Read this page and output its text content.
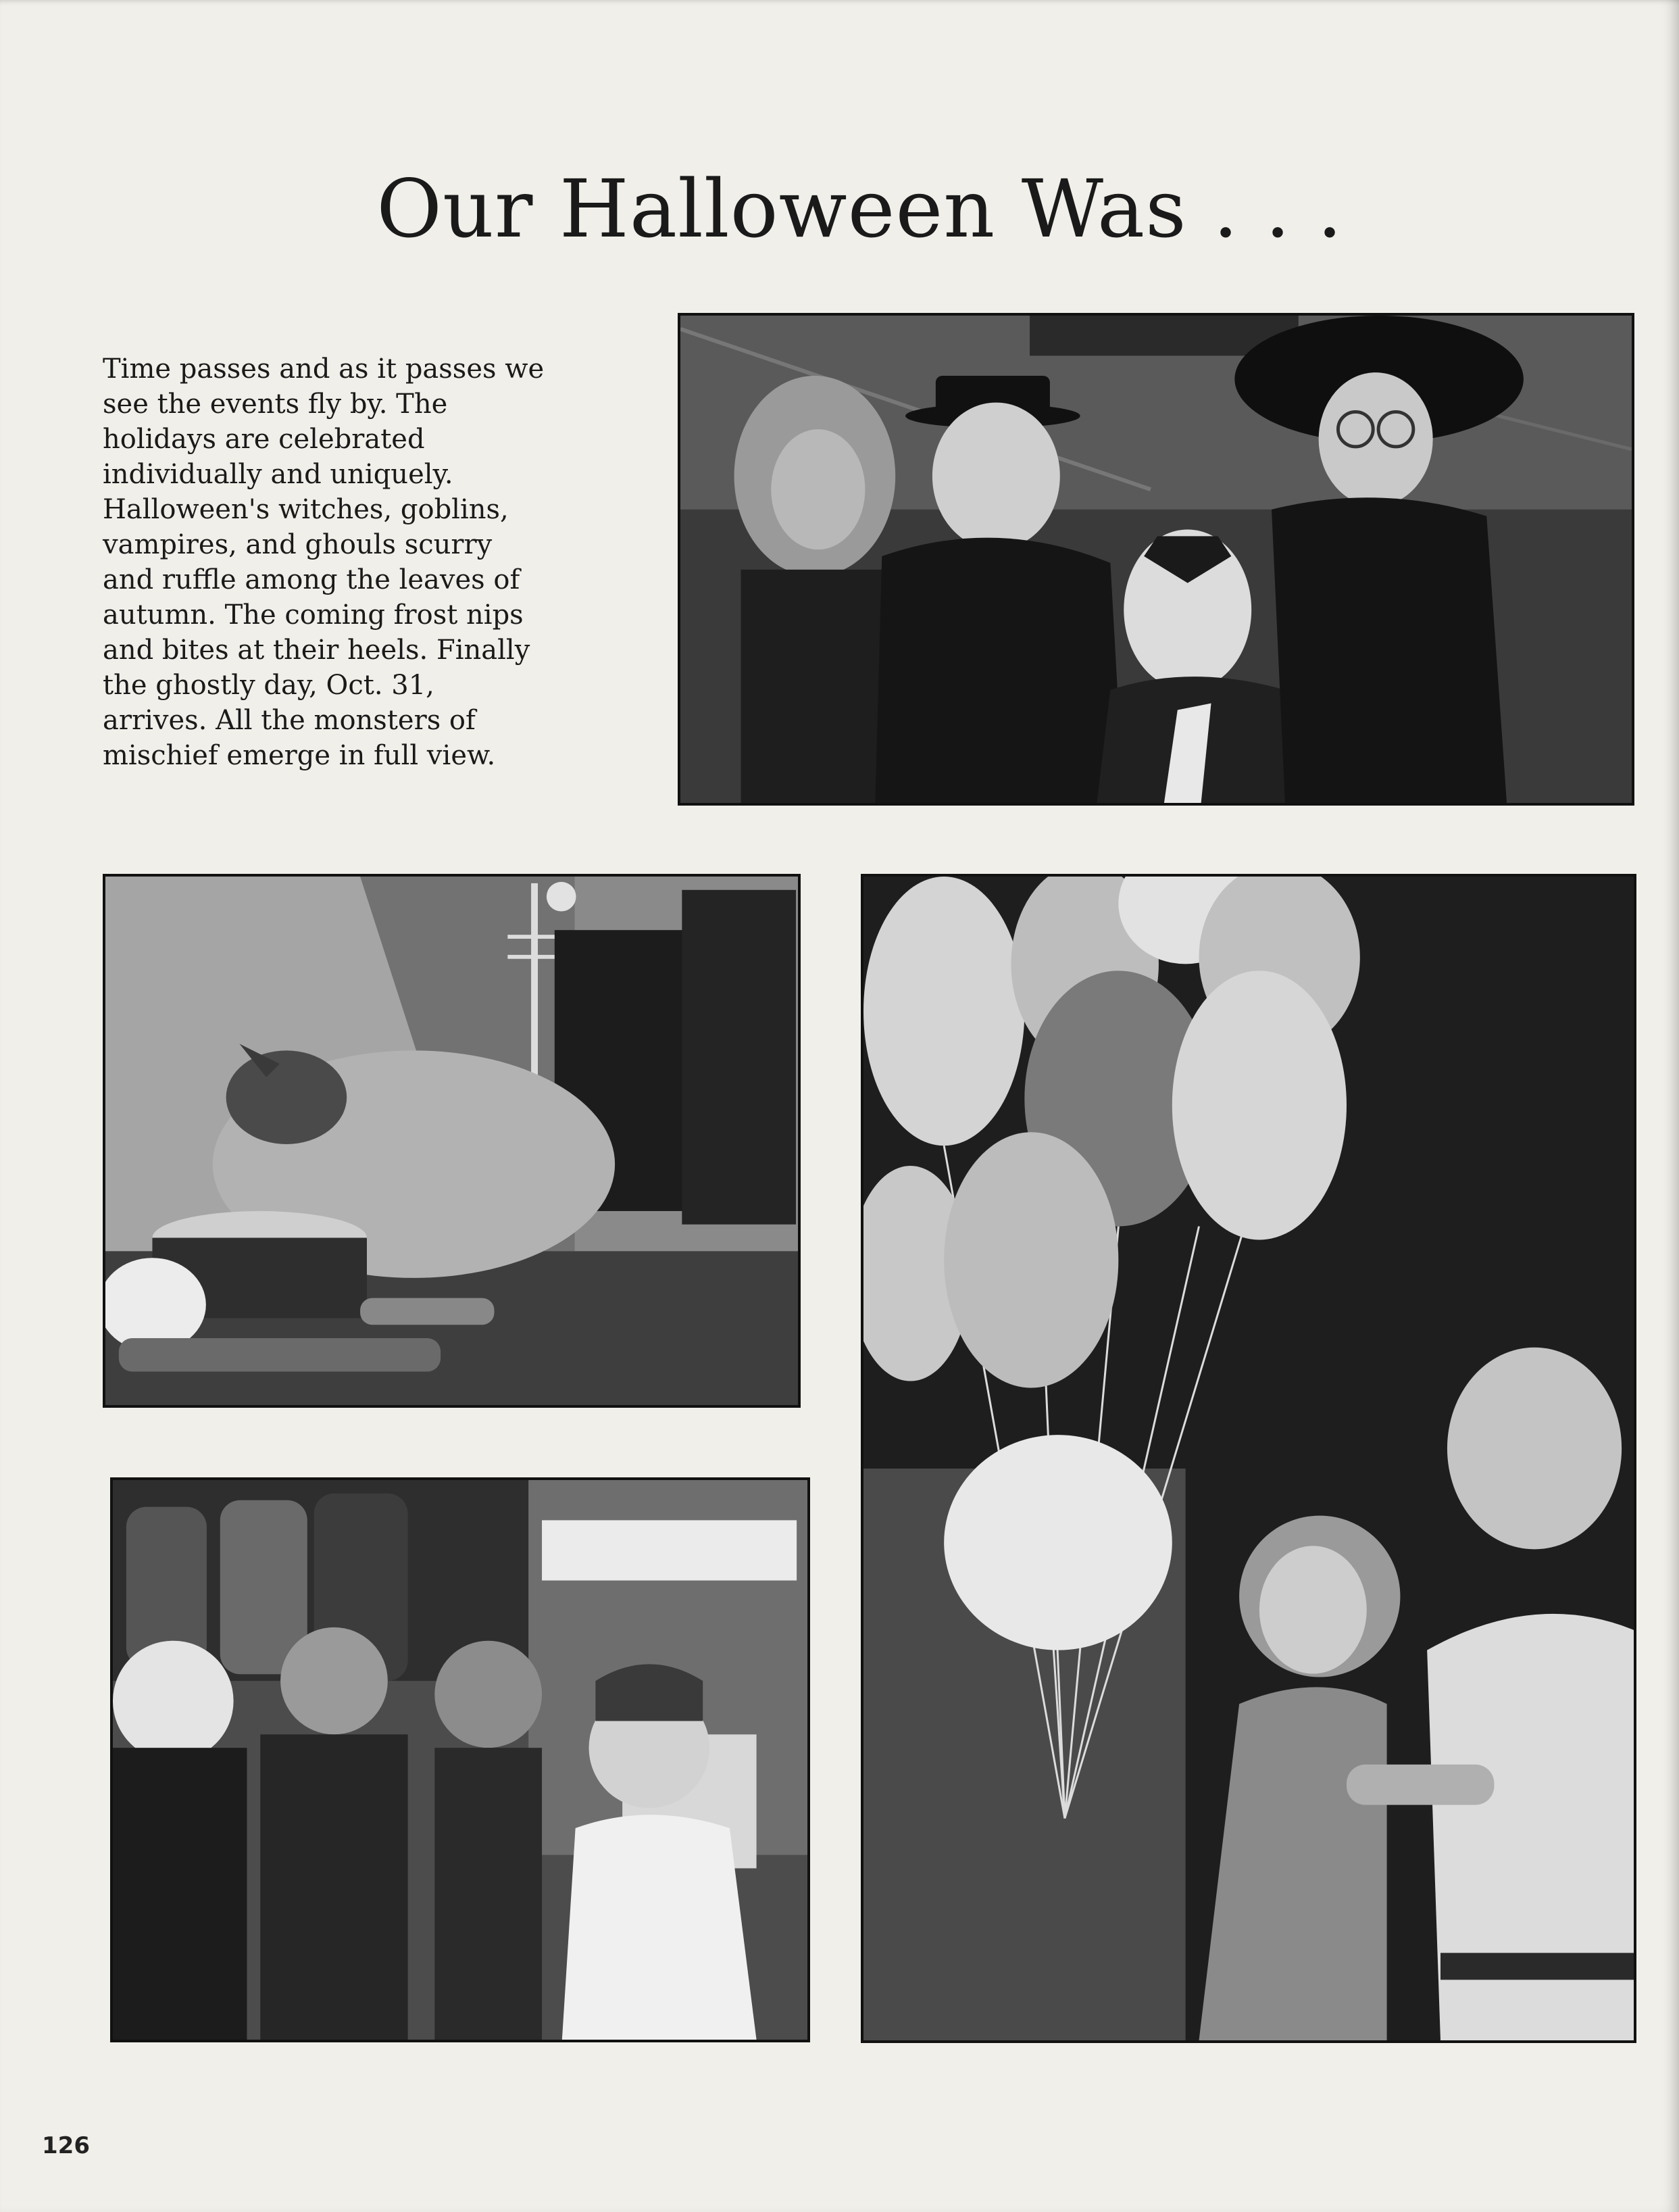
Our Halloween Was . . .
Time passes and as it passes we
see the events fly by. The
holidays are celebrated
individually and uniquely.
Halloween's witches, goblins,
vampires, and ghouls scurry
and ruffle among the leaves of
autumn. The coming frost nips
and bites at their heels. Finally
the ghostly day, Oct. 31,
arrives. All the monsters of
mischief emerge in full view.
126
